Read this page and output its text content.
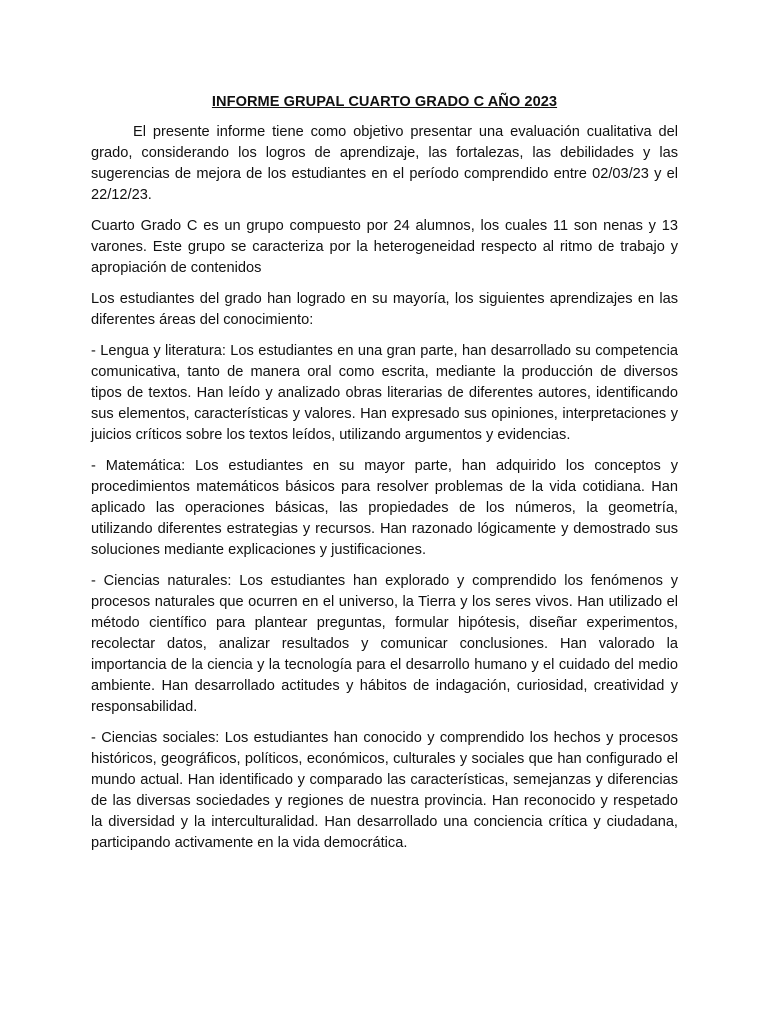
INFORME GRUPAL CUARTO GRADO C AÑO 2023

El presente informe tiene como objetivo presentar una evaluación cualitativa del grado, considerando los logros de aprendizaje, las fortalezas, las debilidades y las sugerencias de mejora de los estudiantes en el período comprendido entre 02/03/23 y el 22/12/23.

Cuarto Grado C es un grupo compuesto por 24 alumnos, los cuales 11 son nenas y 13 varones. Este grupo se caracteriza por la heterogeneidad respecto al ritmo de trabajo y apropiación de contenidos

Los estudiantes del grado han logrado en su mayoría, los siguientes aprendizajes en las diferentes áreas del conocimiento:

- Lengua y literatura: Los estudiantes en una gran parte, han desarrollado su competencia comunicativa, tanto de manera oral como escrita, mediante la producción de diversos tipos de textos. Han leído y analizado obras literarias de diferentes autores, identificando sus elementos, características y valores. Han expresado sus opiniones, interpretaciones y juicios críticos sobre los textos leídos, utilizando argumentos y evidencias.

- Matemática: Los estudiantes en su mayor parte, han adquirido los conceptos y procedimientos matemáticos básicos para resolver problemas de la vida cotidiana. Han aplicado las operaciones básicas, las propiedades de los números, la geometría, utilizando diferentes estrategias y recursos. Han razonado lógicamente y demostrado sus soluciones mediante explicaciones y justificaciones.

- Ciencias naturales: Los estudiantes han explorado y comprendido los fenómenos y procesos naturales que ocurren en el universo, la Tierra y los seres vivos. Han utilizado el método científico para plantear preguntas, formular hipótesis, diseñar experimentos, recolectar datos, analizar resultados y comunicar conclusiones. Han valorado la importancia de la ciencia y la tecnología para el desarrollo humano y el cuidado del medio ambiente. Han desarrollado actitudes y hábitos de indagación, curiosidad, creatividad y responsabilidad.

- Ciencias sociales: Los estudiantes han conocido y comprendido los hechos y procesos históricos, geográficos, políticos, económicos, culturales y sociales que han configurado el mundo actual. Han identificado y comparado las características, semejanzas y diferencias de las diversas sociedades y regiones de nuestra provincia. Han reconocido y respetado la diversidad y la interculturalidad. Han desarrollado una conciencia crítica y ciudadana, participando activamente en la vida democrática.
